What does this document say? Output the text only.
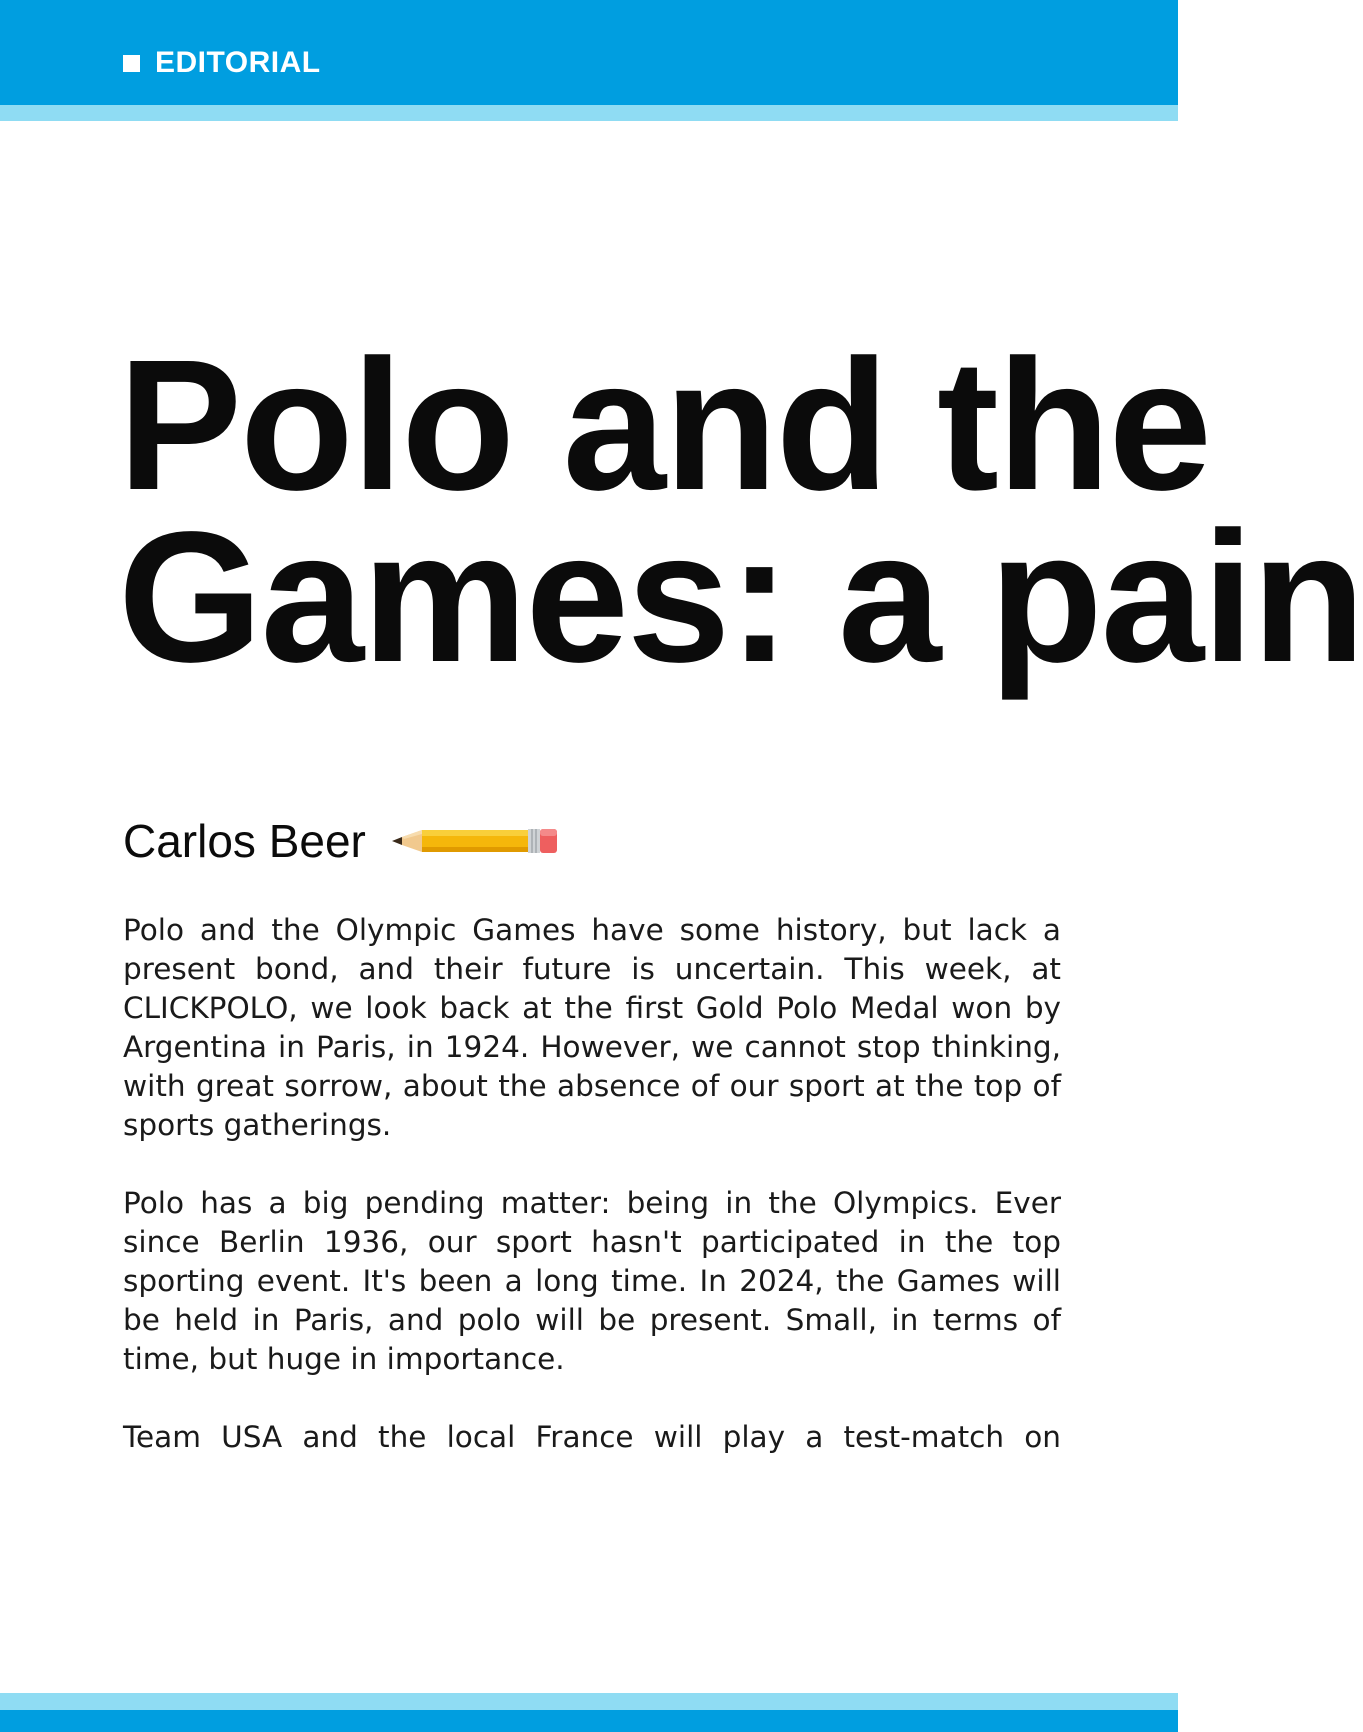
EDITORIAL
Polo and the
Games: a pain
Carlos Beer

Polo and the Olympic Games have some history, but lack a present bond, and their future is uncertain. This week, at CLICKPOLO, we look back at the first Gold Polo Medal won by Argentina in Paris, in 1924. However, we cannot stop thinking, with great sorrow, about the absence of our sport at the top of sports gatherings.

Polo has a big pending matter: being in the Olympics. Ever since Berlin 1936, our sport hasn't participated in the top sporting event. It's been a long time. In 2024, the Games will be held in Paris, and polo will be present. Small, in terms of time, but huge in importance.

Team USA and the local France will play a test-match on
